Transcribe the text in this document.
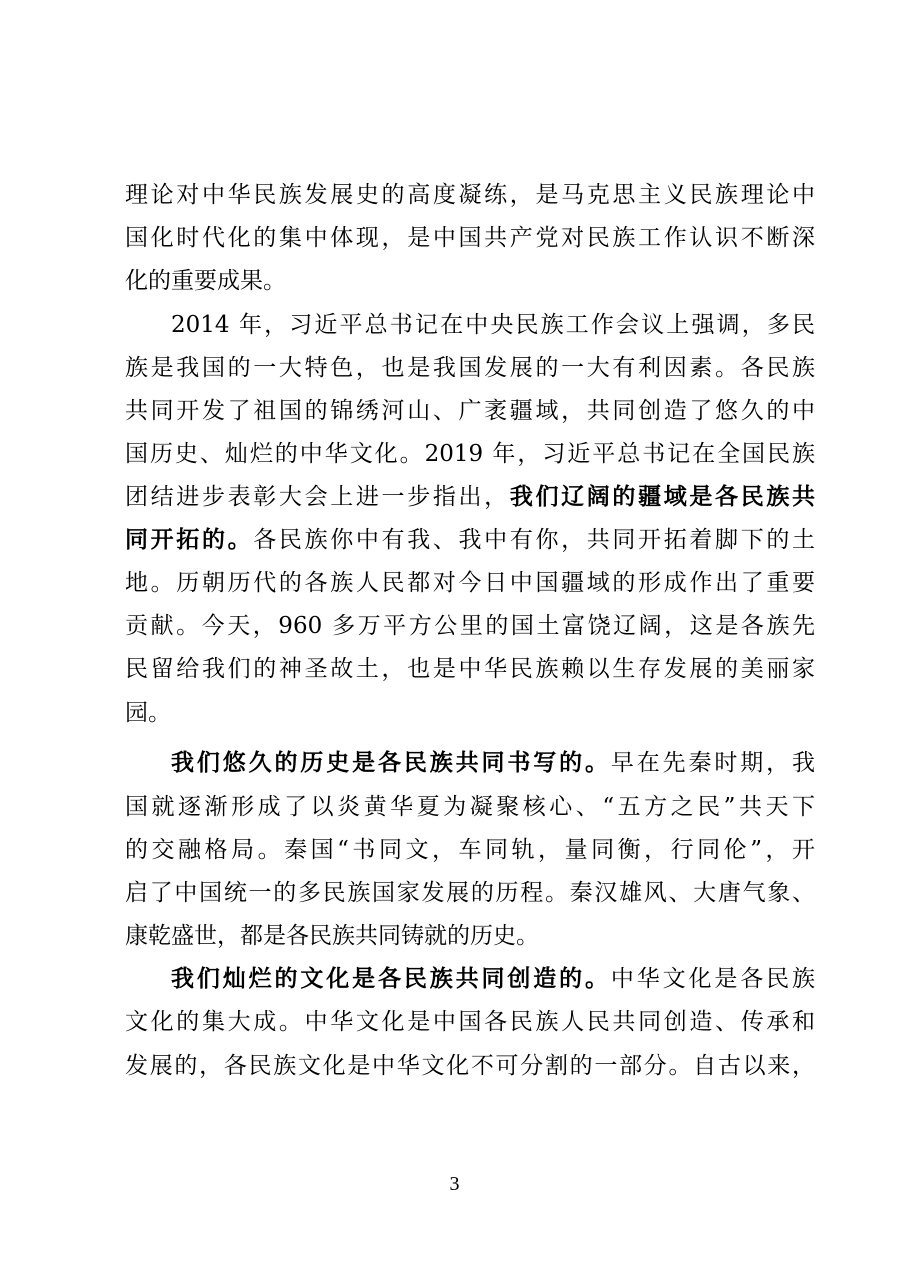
理论对中华民族发展史的高度凝练，是马克思主义民族理论中
国化时代化的集中体现，是中国共产党对民族工作认识不断深
化的重要成果。
2014 年，习近平总书记在中央民族工作会议上强调，多民
族是我国的一大特色，也是我国发展的一大有利因素。各民族
共同开发了祖国的锦绣河山、广袤疆域，共同创造了悠久的中
国历史、灿烂的中华文化。2019 年，习近平总书记在全国民族
团结进步表彰大会上进一步指出，我们辽阔的疆域是各民族共
同开拓的。各民族你中有我、我中有你，共同开拓着脚下的土
地。历朝历代的各族人民都对今日中国疆域的形成作出了重要
贡献。今天，960 多万平方公里的国土富饶辽阔，这是各族先
民留给我们的神圣故土，也是中华民族赖以生存发展的美丽家
园。
我们悠久的历史是各民族共同书写的。早在先秦时期，我
国就逐渐形成了以炎黄华夏为凝聚核心、“五方之民”共天下
的交融格局。秦国“书同文，车同轨，量同衡，行同伦”，开
启了中国统一的多民族国家发展的历程。秦汉雄风、大唐气象、
康乾盛世，都是各民族共同铸就的历史。
我们灿烂的文化是各民族共同创造的。中华文化是各民族
文化的集大成。中华文化是中国各民族人民共同创造、传承和
发展的，各民族文化是中华文化不可分割的一部分。自古以来，
3
